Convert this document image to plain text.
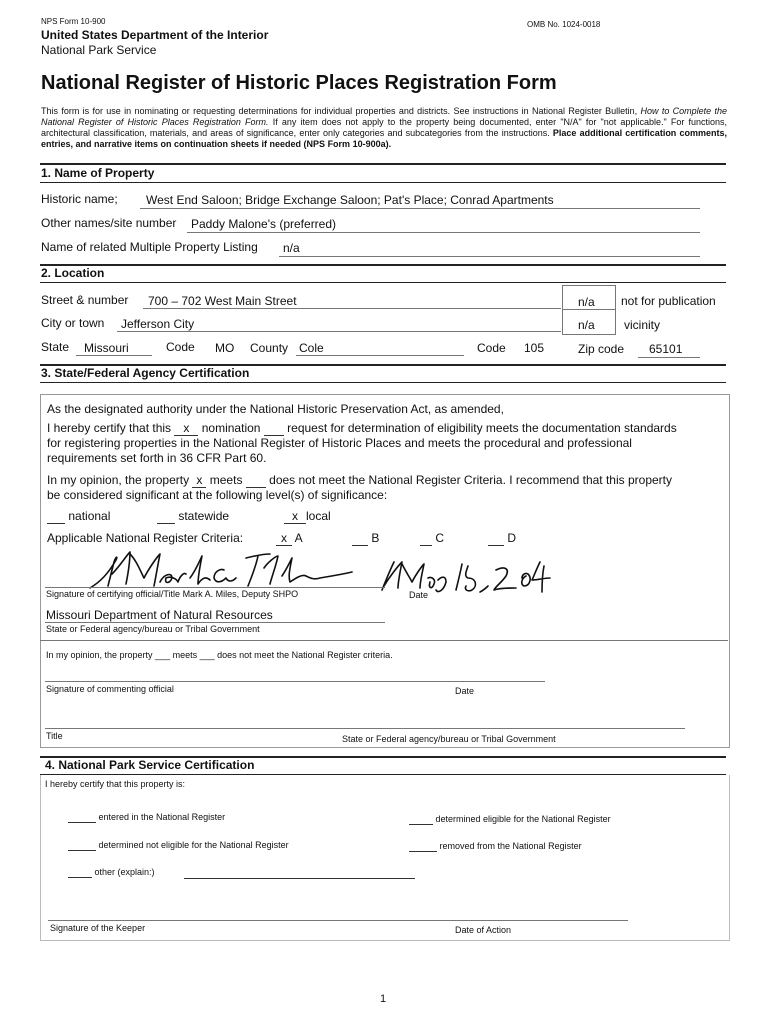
NPS Form 10-900	OMB No. 1024-0018
United States Department of the Interior
National Park Service
National Register of Historic Places Registration Form
This form is for use in nominating or requesting determinations for individual properties and districts. See instructions in National Register Bulletin, How to Complete the National Register of Historic Places Registration Form. If any item does not apply to the property being documented, enter "N/A" for "not applicable." For functions, architectural classification, materials, and areas of significance, enter only categories and subcategories from the instructions. Place additional certification comments, entries, and narrative items on continuation sheets if needed (NPS Form 10-900a).
1. Name of Property
Historic name; West End Saloon; Bridge Exchange Saloon; Pat's Place; Conrad Apartments
Other names/site number Paddy Malone's (preferred)
Name of related Multiple Property Listing n/a
2. Location
Street & number 700 – 702 West Main Street	n/a not for publication
City or town Jefferson City	n/a vicinity
State Missouri	Code MO County Cole	Code 105	Zip code 65101
3. State/Federal Agency Certification
As the designated authority under the National Historic Preservation Act, as amended,
I hereby certify that this x nomination request for determination of eligibility meets the documentation standards
for registering properties in the National Register of Historic Places and meets the procedural and professional
requirements set forth in 36 CFR Part 60.
In my opinion, the property x meets does not meet the National Register Criteria. I recommend that this property
be considered significant at the following level(s) of significance:
national	statewide	x local
Applicable National Register Criteria:	x A	B	C	D
Signature of certifying official/Title Mark A. Miles, Deputy SHPO	Date
Missouri Department of Natural Resources
State or Federal agency/bureau or Tribal Government
In my opinion, the property ___ meets ___ does not meet the National Register criteria.
Signature of commenting official	Date
Title	State or Federal agency/bureau or Tribal Government
4. National Park Service Certification
I hereby certify that this property is:
entered in the National Register	determined eligible for the National Register
determined not eligible for the National Register	removed from the National Register
other (explain:)
Signature of the Keeper	Date of Action
1
